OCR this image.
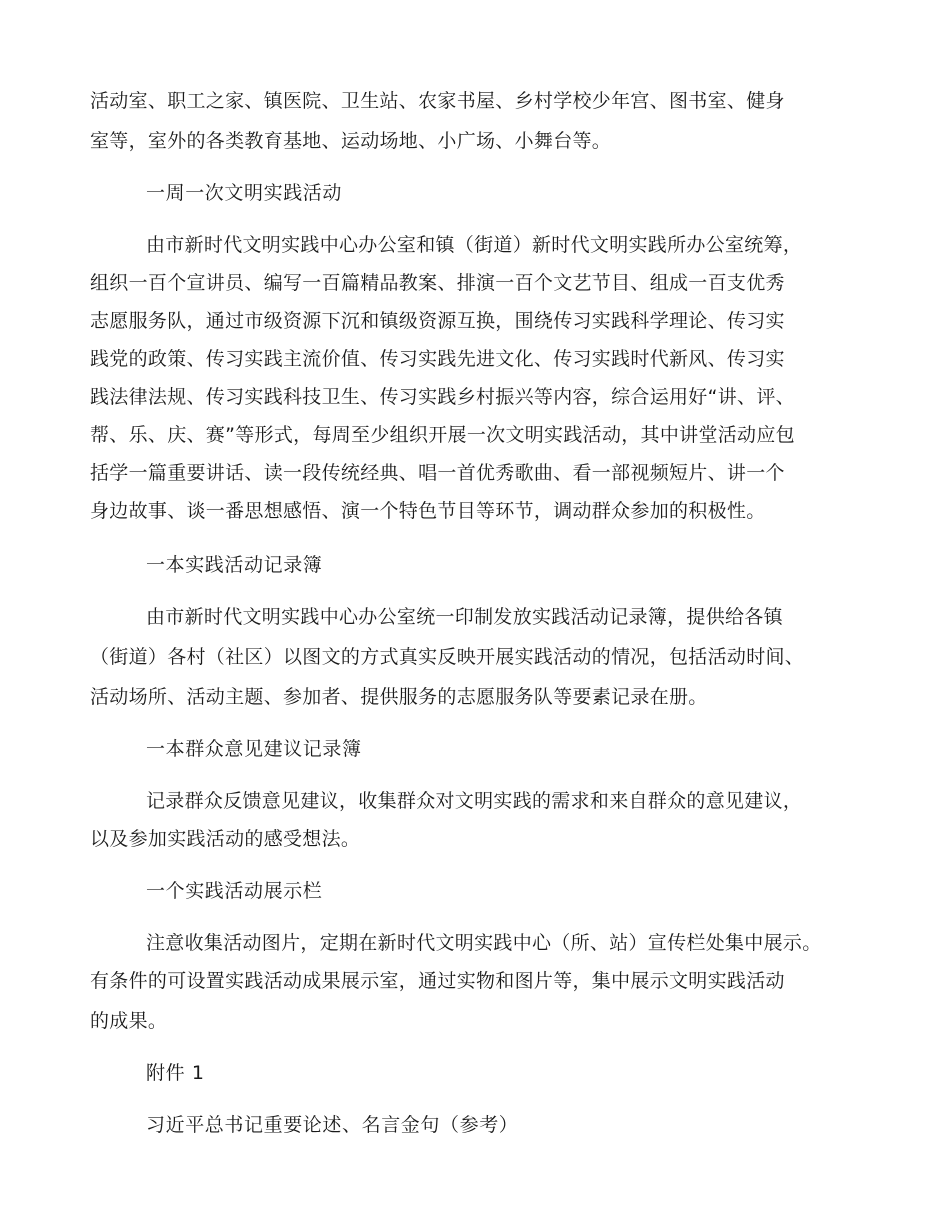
活动室、职工之家、镇医院、卫生站、农家书屋、乡村学校少年宫、图书室、健身
室等，室外的各类教育基地、运动场地、小广场、小舞台等。
一周一次文明实践活动
由市新时代文明实践中心办公室和镇（街道）新时代文明实践所办公室统筹，
组织一百个宣讲员、编写一百篇精品教案、排演一百个文艺节目、组成一百支优秀
志愿服务队，通过市级资源下沉和镇级资源互换，围绕传习实践科学理论、传习实
践党的政策、传习实践主流价值、传习实践先进文化、传习实践时代新风、传习实
践法律法规、传习实践科技卫生、传习实践乡村振兴等内容，综合运用好“讲、评、
帮、乐、庆、赛”等形式，每周至少组织开展一次文明实践活动，其中讲堂活动应包
括学一篇重要讲话、读一段传统经典、唱一首优秀歌曲、看一部视频短片、讲一个
身边故事、谈一番思想感悟、演一个特色节目等环节，调动群众参加的积极性。
一本实践活动记录簿
由市新时代文明实践中心办公室统一印制发放实践活动记录簿，提供给各镇
（街道）各村（社区）以图文的方式真实反映开展实践活动的情况，包括活动时间、
活动场所、活动主题、参加者、提供服务的志愿服务队等要素记录在册。
一本群众意见建议记录簿
记录群众反馈意见建议，收集群众对文明实践的需求和来自群众的意见建议，
以及参加实践活动的感受想法。
一个实践活动展示栏
注意收集活动图片，定期在新时代文明实践中心（所、站）宣传栏处集中展示。
有条件的可设置实践活动成果展示室，通过实物和图片等，集中展示文明实践活动
的成果。
附件 1
习近平总书记重要论述、名言金句（参考）
